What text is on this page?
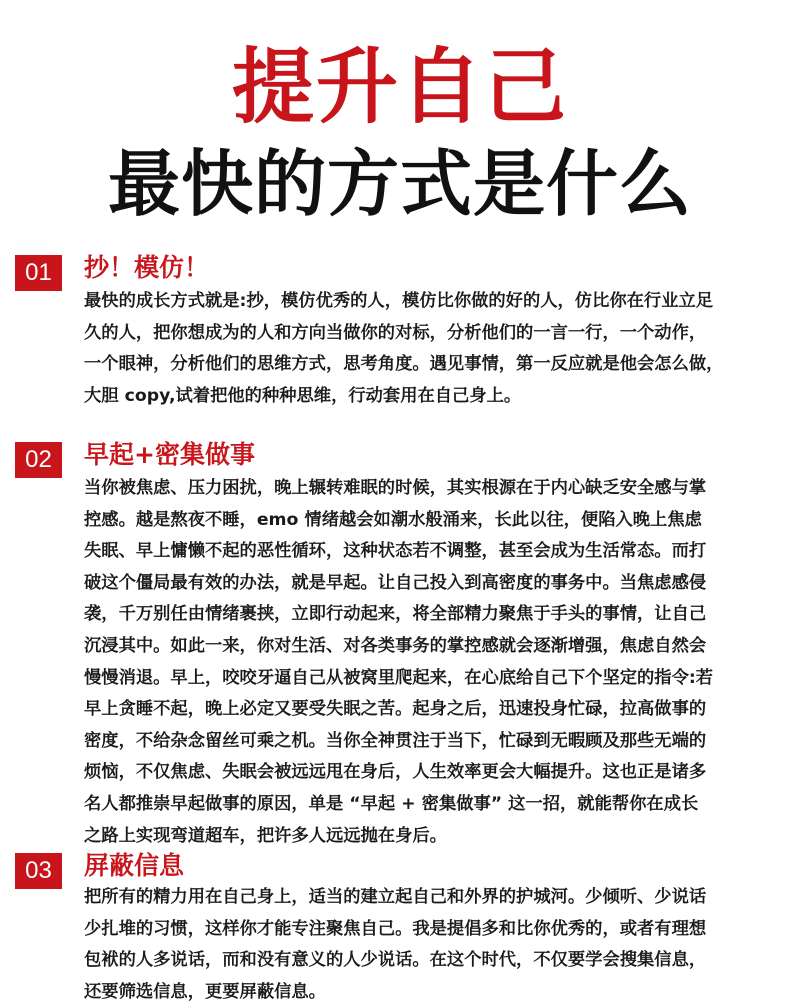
提升自己
最快的方式是什么
01	抄！模仿！
最快的成长方式就是:抄，模仿优秀的人，模仿比你做的好的人，仿比你在行业立足
久的人，把你想成为的人和方向当做你的对标，分析他们的一言一行，一个动作，
一个眼神，分析他们的思维方式，思考角度。遇见事情，第一反应就是他会怎么做，
大胆 copy,试着把他的种种思维，行动套用在自己身上。
02	早起+密集做事
当你被焦虑、压力困扰，晚上辗转难眠的时候，其实根源在于内心缺乏安全感与掌
控感。越是熬夜不睡，emo 情绪越会如潮水般涌来，长此以往，便陷入晚上焦虑
失眠、早上慵懒不起的恶性循环，这种状态若不调整，甚至会成为生活常态。而打
破这个僵局最有效的办法，就是早起。让自己投入到高密度的事务中。当焦虑感侵
袭，千万别任由情绪裹挟，立即行动起来，将全部精力聚焦于手头的事情，让自己
沉浸其中。如此一来，你对生活、对各类事务的掌控感就会逐渐增强，焦虑自然会
慢慢消退。早上，咬咬牙逼自己从被窝里爬起来，在心底给自己下个坚定的指令:若
早上贪睡不起，晚上必定又要受失眠之苦。起身之后，迅速投身忙碌，拉高做事的
密度，不给杂念留丝可乘之机。当你全神贯注于当下，忙碌到无暇顾及那些无端的
烦恼，不仅焦虑、失眠会被远远甩在身后，人生效率更会大幅提升。这也正是诸多
名人都推崇早起做事的原因，单是 “早起 + 密集做事” 这一招，就能帮你在成长
之路上实现弯道超车，把许多人远远抛在身后。
03	屏蔽信息
把所有的精力用在自己身上，适当的建立起自己和外界的护城河。少倾听、少说话
少扎堆的习惯，这样你才能专注聚焦自己。我是提倡多和比你优秀的，或者有理想
包袱的人多说话，而和没有意义的人少说话。在这个时代，不仅要学会搜集信息，
还要筛选信息，更要屏蔽信息。
